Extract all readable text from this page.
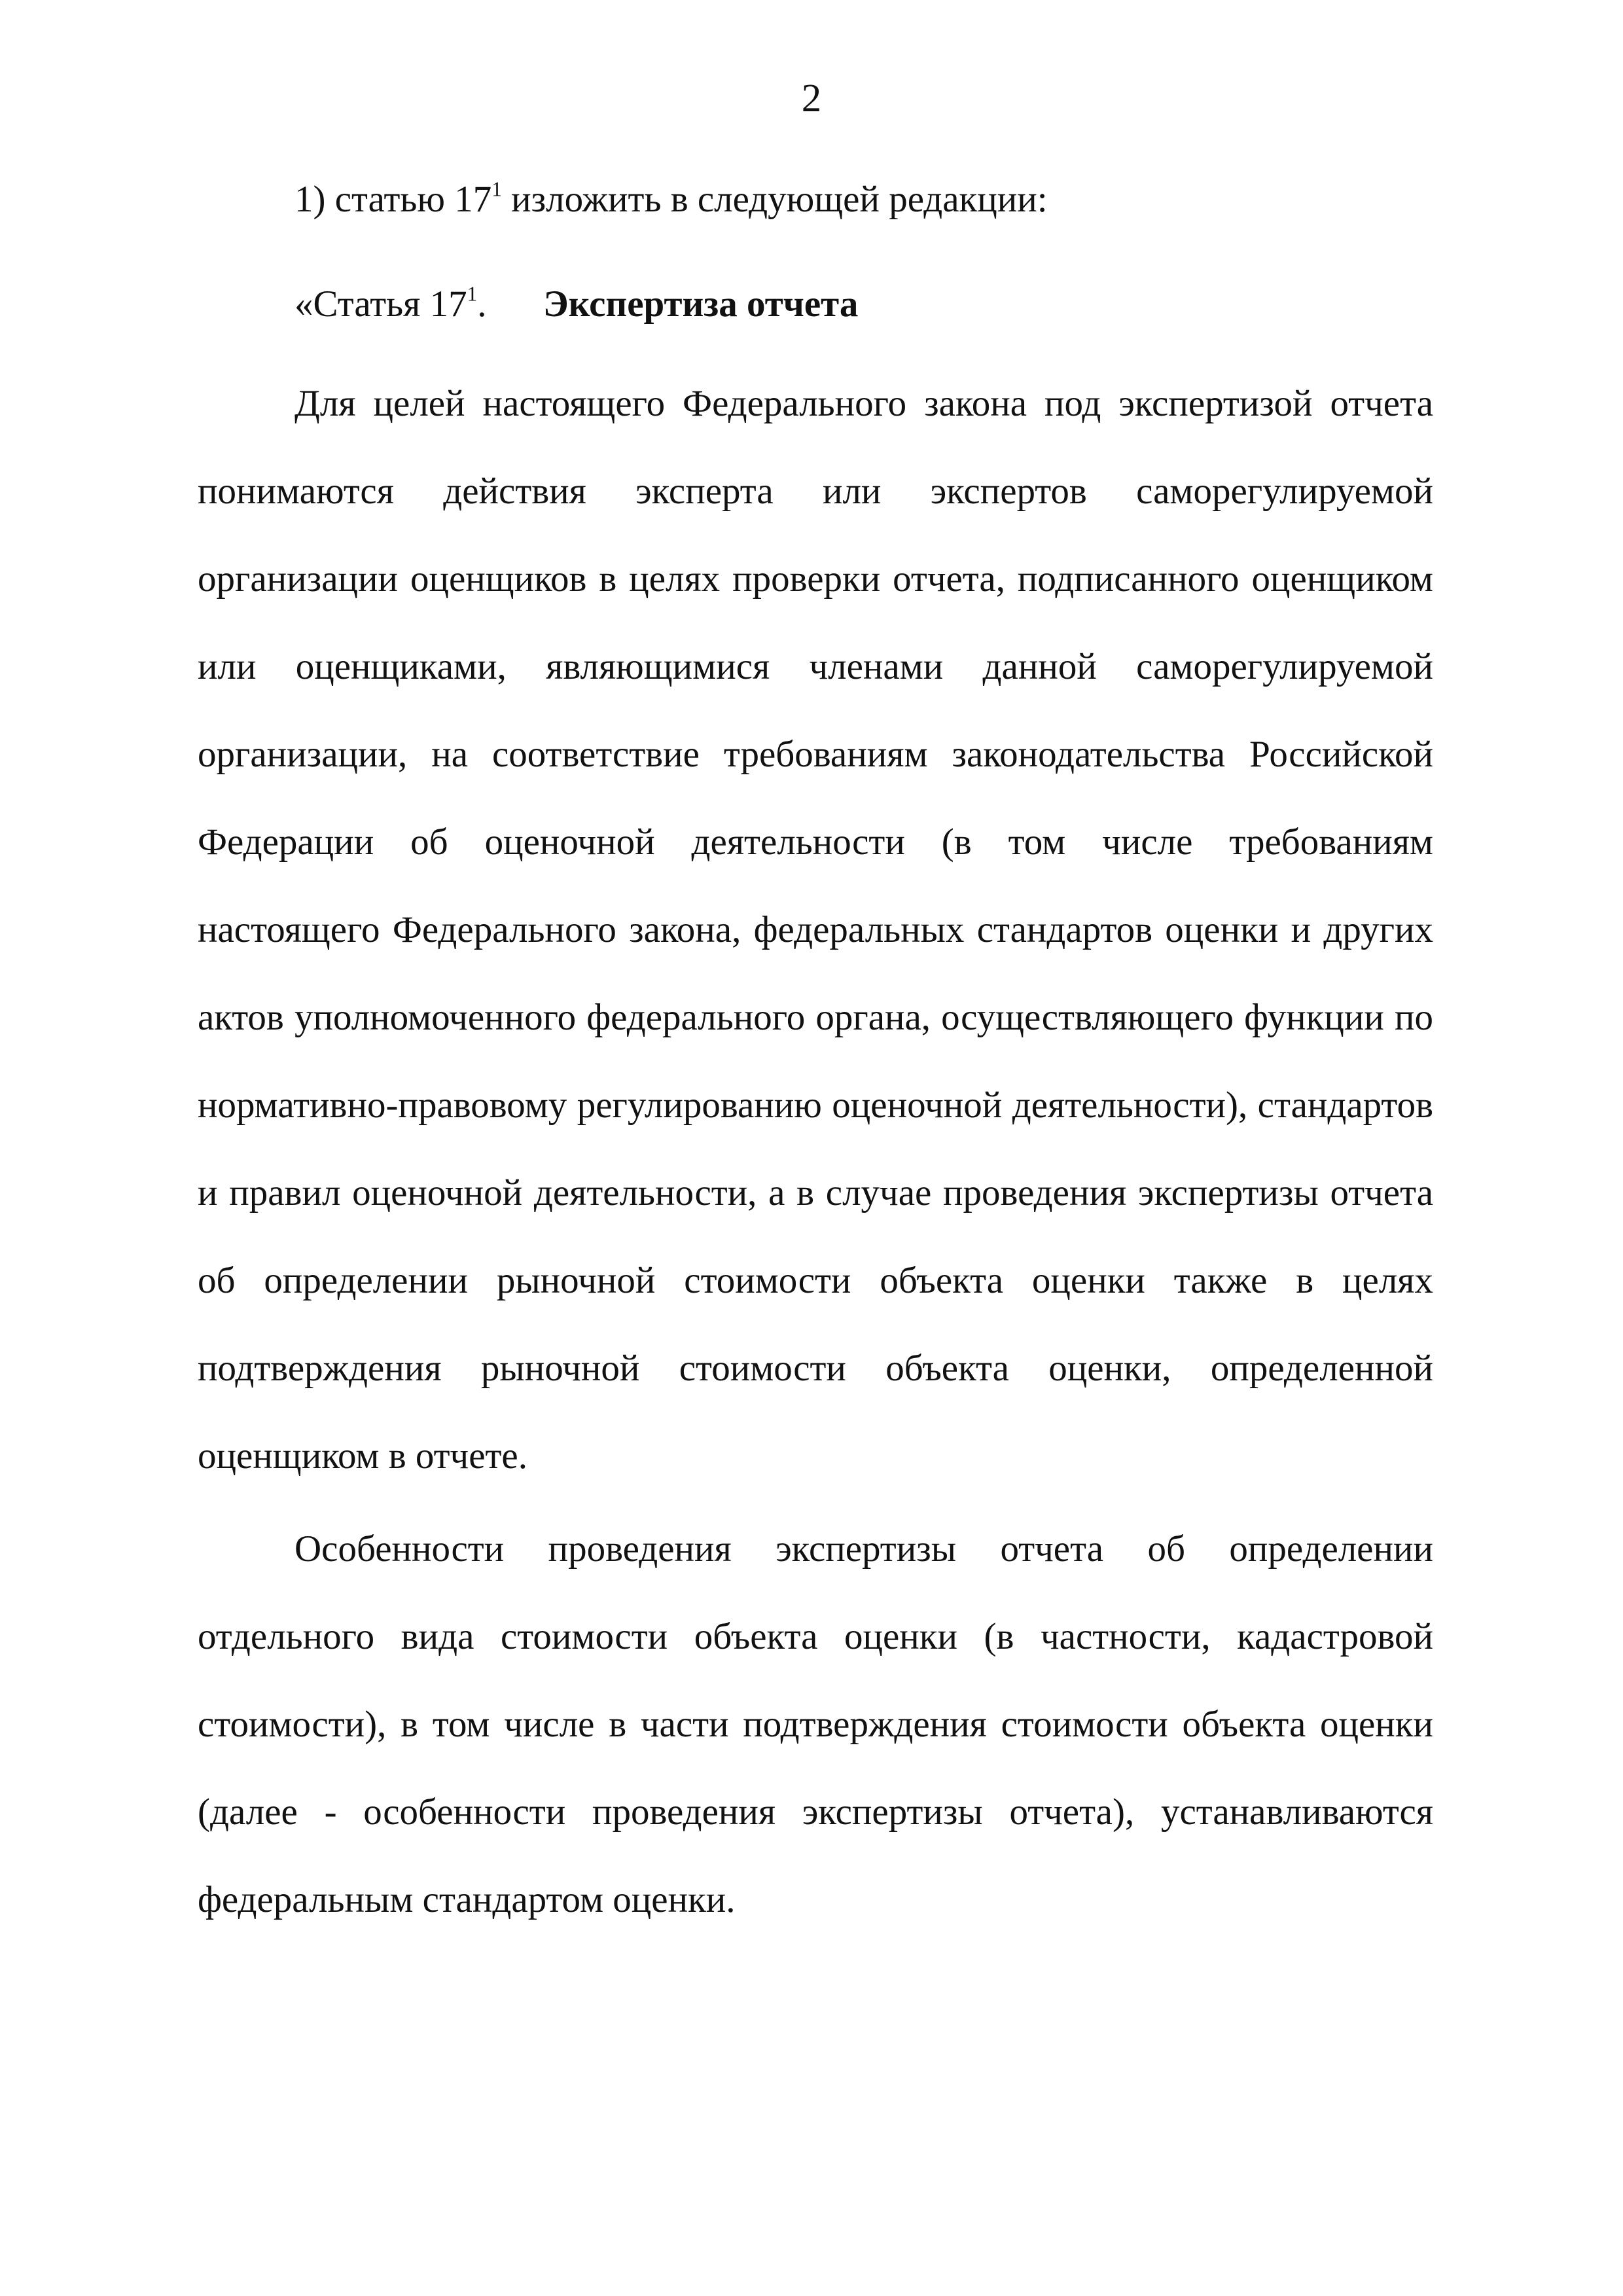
2
1) статью $17^1$ изложить в следующей редакции:
«Статья $17^1$. Экспертиза отчета
Для целей настоящего Федерального закона под экспертизой отчета понимаются действия эксперта или экспертов саморегулируемой организации оценщиков в целях проверки отчета, подписанного оценщиком или оценщиками, являющимися членами данной саморегулируемой организации, на соответствие требованиям законодательства Российской Федерации об оценочной деятельности (в том числе требованиям настоящего Федерального закона, федеральных стандартов оценки и других актов уполномоченного федерального органа, осуществляющего функции по нормативно-правовому регулированию оценочной деятельности), стандартов и правил оценочной деятельности, а в случае проведения экспертизы отчета об определении рыночной стоимости объекта оценки также в целях подтверждения рыночной стоимости объекта оценки, определенной оценщиком в отчете.
Особенности проведения экспертизы отчета об определении отдельного вида стоимости объекта оценки (в частности, кадастровой стоимости), в том числе в части подтверждения стоимости объекта оценки (далее - особенности проведения экспертизы отчета), устанавливаются федеральным стандартом оценки.
